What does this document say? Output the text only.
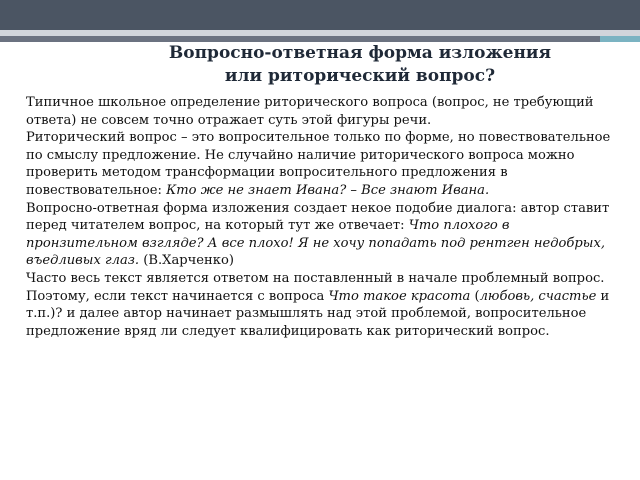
Вопросно-ответная форма изложения
или риторический вопрос?

Типичное школьное определение риторического вопроса (вопрос, не требующий ответа) не совсем точно отражает суть этой фигуры речи.

Риторический вопрос – это вопросительное только по форме, но повествовательное по смыслу предложение. Не случайно наличие риторического вопроса можно проверить методом трансформации вопросительного предложения в повествовательное: Кто же не знает Ивана? – Все знают Ивана.

Вопросно-ответная форма изложения создает некое подобие диалога: автор ставит перед читателем вопрос, на который тут же отвечает: Что плохого в пронзительном взгляде? А все плохо! Я не хочу попадать под рентген недобрых, въедливых глаз. (В.Харченко)

Часто весь текст является ответом на поставленный в начале проблемный вопрос. Поэтому, если текст начинается с вопроса Что такое красота (любовь, счастье и т.п.)? и далее автор начинает размышлять над этой проблемой, вопросительное предложение вряд ли следует квалифицировать как риторический вопрос.
